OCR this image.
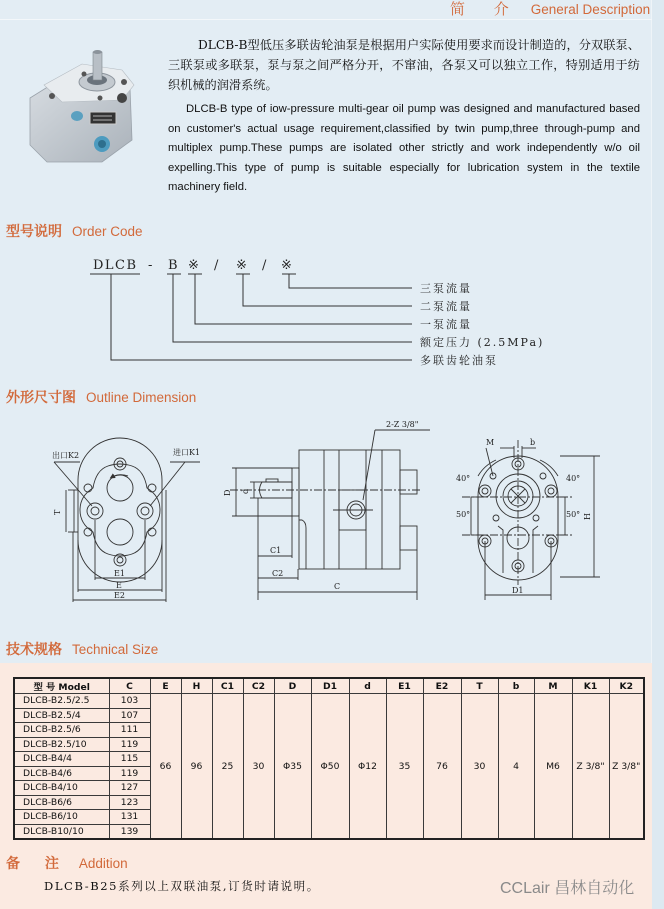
简 介 General Description
DLCB-B型低压多联齿轮油泵是根据用户实际使用要求而设计制造的，分双联泵、三联泵或多联泵，泵与泵之间严格分开，不窜油，各泵又可以独立工作，特别适用于纺织机械的润滑系统。
DLCB-B type of iow-pressure multi-gear oil pump was designed and manufactured based on customer's actual usage requirement,classified by twin pump,three through-pump and multiplex pump.These pumps are isolated other strictly and work independently w/o oil expelling.This type of pump is suitable especially for lubrication system in the textile machinery field.
型号说明 Order Code
DLCB - B ※ / ※ / ※
三泵流量
二泵流量
一泵流量
额定压力 (2.5MPa)
多联齿轮油泵
外形尺寸图 Outline Dimension
出口K2	进口K1
T
E1
E
E2
2-Z 3/8"
D d
C1
C2
C
M	b
40°	40°
50°	50° H
D1
技术规格 Technical Size
型 号 Model	C	E	H	C1	C2	D	D1	d	E1	E2	T	b	M	K1	K2
DLCB-B2.5/2.5	103	66	96	25	30	Φ35	Φ50	Φ12	35	76	30	4	M6	Z 3/8"	Z 3/8"
DLCB-B2.5/4	107														
DLCB-B2.5/6	111														
DLCB-B2.5/10	119														
DLCB-B4/4	115														
DLCB-B4/6	119														
DLCB-B4/10	127														
DLCB-B6/6	123														
DLCB-B6/10	131														
DLCB-B10/10	139														
备 注 Addition
DLCB-B25系列以上双联油泵,订货时请说明。	CCLair 昌林自动化
